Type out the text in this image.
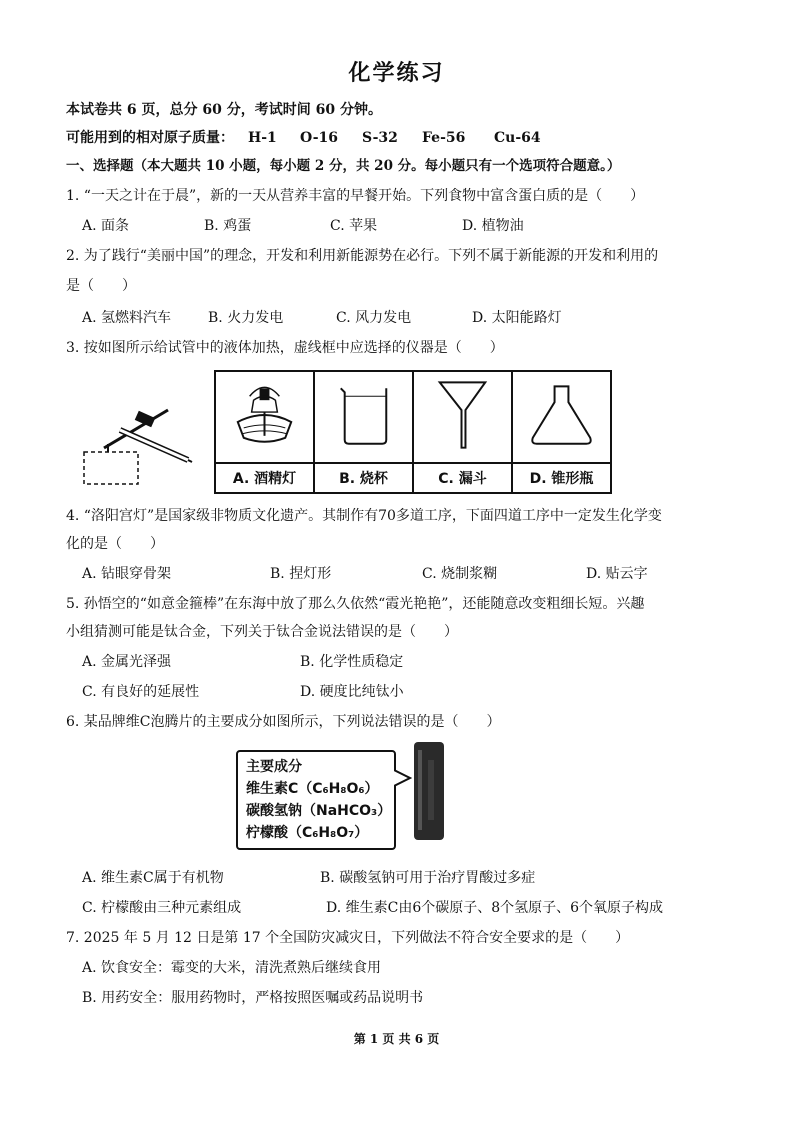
化学练习
本试卷共 6 页，总分 60 分，考试时间 60 分钟。
可能用到的相对原子质量： H-1 O-16 S-32 Fe-56 Cu-64
一、选择题（本大题共 10 小题，每小题 2 分，共 20 分。每小题只有一个选项符合题意。）
1. “一天之计在于晨”，新的一天从营养丰富的早餐开始。下列食物中富含蛋白质的是（　　）
A. 面条	B. 鸡蛋	C. 苹果	D. 植物油
2. 为了践行“美丽中国”的理念，开发和利用新能源势在必行。下列不属于新能源的开发和利用的
是（　　）
A. 氢燃料汽车	B. 火力发电	C. 风力发电	D. 太阳能路灯
3. 按如图所示给试管中的液体加热，虚线框中应选择的仪器是（　　）
A. 酒精灯	B. 烧杯	C. 漏斗	D. 锥形瓶
4. “洛阳宫灯”是国家级非物质文化遗产。其制作有70多道工序，下面四道工序中一定发生化学变
化的是（　　）
A. 钻眼穿骨架	B. 捏灯形	C. 烧制浆糊	D. 贴云字
5. 孙悟空的“如意金箍棒”在东海中放了那么久依然“霞光艳艳”，还能随意改变粗细长短。兴趣
小组猜测可能是钛合金，下列关于钛合金说法错误的是（　　）
A. 金属光泽强	B. 化学性质稳定
C. 有良好的延展性	D. 硬度比纯钛小
6. 某品牌维C泡腾片的主要成分如图所示，下列说法错误的是（　　）
主要成分
维生素C（C₆H₈O₆）
碳酸氢钠（NaHCO₃）
柠檬酸（C₆H₈O₇）
A. 维生素C属于有机物	B. 碳酸氢钠可用于治疗胃酸过多症
C. 柠檬酸由三种元素组成	D. 维生素C由6个碳原子、8个氢原子、6个氧原子构成
7. 2025 年 5 月 12 日是第 17 个全国防灾减灾日，下列做法不符合安全要求的是（　　）
A. 饮食安全：霉变的大米，清洗煮熟后继续食用
B. 用药安全：服用药物时，严格按照医嘱或药品说明书
第 1 页 共 6 页
